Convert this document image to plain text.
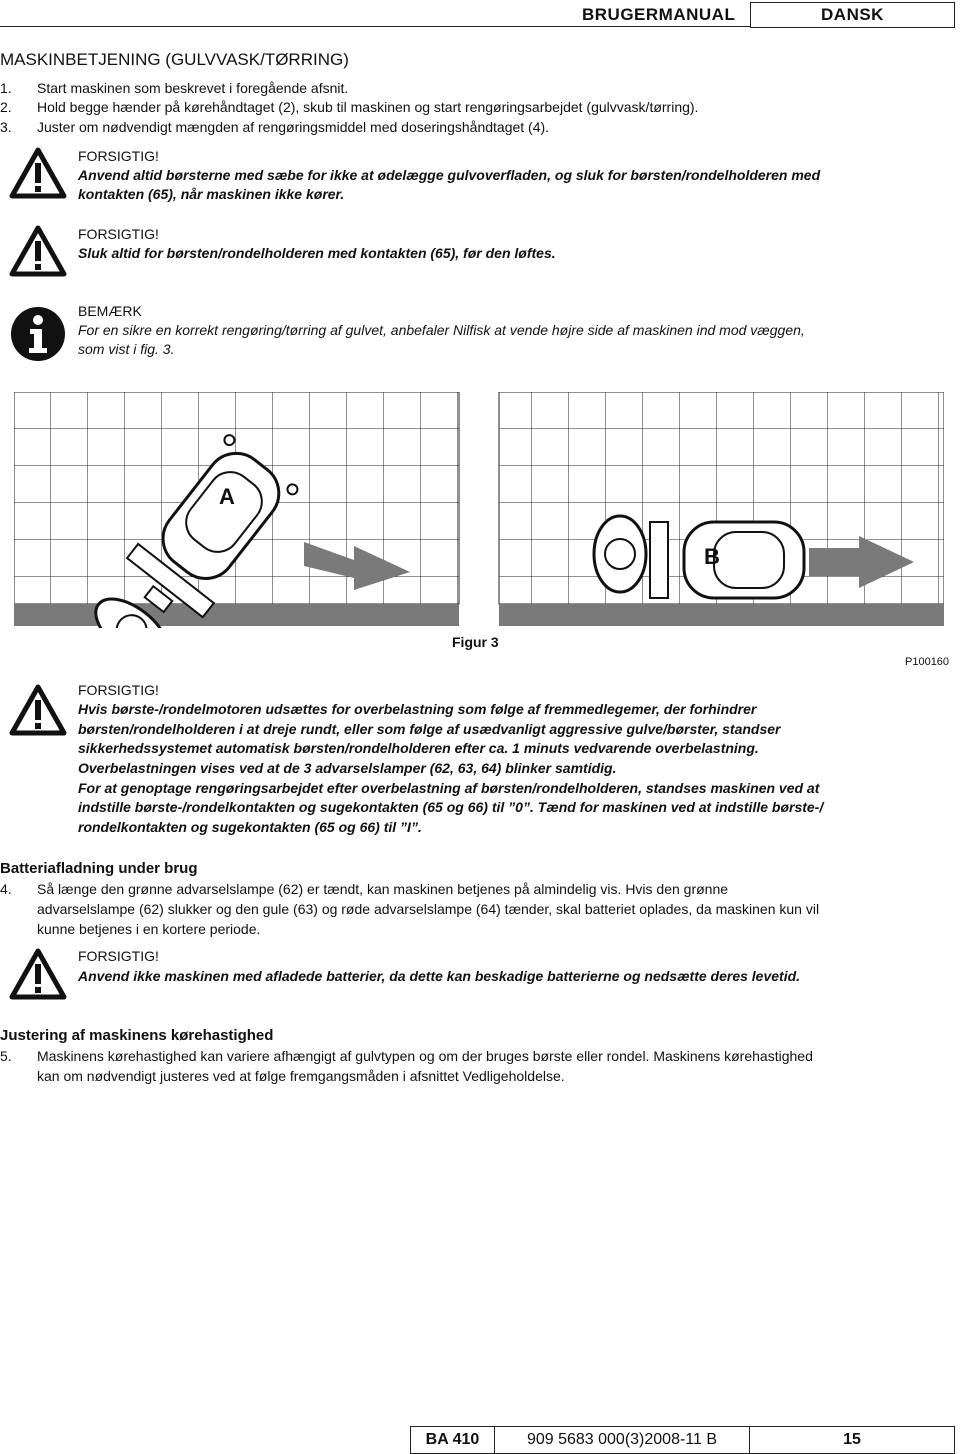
BRUGERMANUAL	DANSK
MASKINBETJENING (GULVVASK/TØRRING)
1. Start maskinen som beskrevet i foregående afsnit.
2. Hold begge hænder på kørehåndtaget (2), skub til maskinen og start rengøringsarbejdet (gulvvask/tørring).
3. Juster om nødvendigt mængden af rengøringsmiddel med doseringshåndtaget (4).
FORSIGTIG!
Anvend altid børsterne med sæbe for ikke at ødelægge gulvoverfladen, og sluk for børsten/rondelholderen med
kontakten (65), når maskinen ikke kører.
FORSIGTIG!
Sluk altid for børsten/rondelholderen med kontakten (65), før den løftes.
BEMÆRK
For en sikre en korrekt rengøring/tørring af gulvet, anbefaler Nilfisk at vende højre side af maskinen ind mod væggen,
som vist i fig. 3.
A
B
Figur 3
P100160
FORSIGTIG!
Hvis børste-/rondelmotoren udsættes for overbelastning som følge af fremmedlegemer, der forhindrer
børsten/rondelholderen i at dreje rundt, eller som følge af usædvanligt aggressive gulve/børster, standser
sikkerhedssystemet automatisk børsten/rondelholderen efter ca. 1 minuts vedvarende overbelastning.
Overbelastningen vises ved at de 3 advarselslamper (62, 63, 64) blinker samtidig.
For at genoptage rengøringsarbejdet efter overbelastning af børsten/rondelholderen, standses maskinen ved at
indstille børste-/rondelkontakten og sugekontakten (65 og 66) til ”0”. Tænd for maskinen ved at indstille børste-/
rondelkontakten og sugekontakten (65 og 66) til ”I”.
Batteriafladning under brug
4. Så længe den grønne advarselslampe (62) er tændt, kan maskinen betjenes på almindelig vis. Hvis den grønne
advarselslampe (62) slukker og den gule (63) og røde advarselslampe (64) tænder, skal batteriet oplades, da maskinen kun vil
kunne betjenes i en kortere periode.
FORSIGTIG!
Anvend ikke maskinen med afladede batterier, da dette kan beskadige batterierne og nedsætte deres levetid.
Justering af maskinens kørehastighed
5. Maskinens kørehastighed kan variere afhængigt af gulvtypen og om der bruges børste eller rondel. Maskinens kørehastighed
kan om nødvendigt justeres ved at følge fremgangsmåden i afsnittet Vedligeholdelse.
BA 410	909 5683 000(3)2008-11 B	15
